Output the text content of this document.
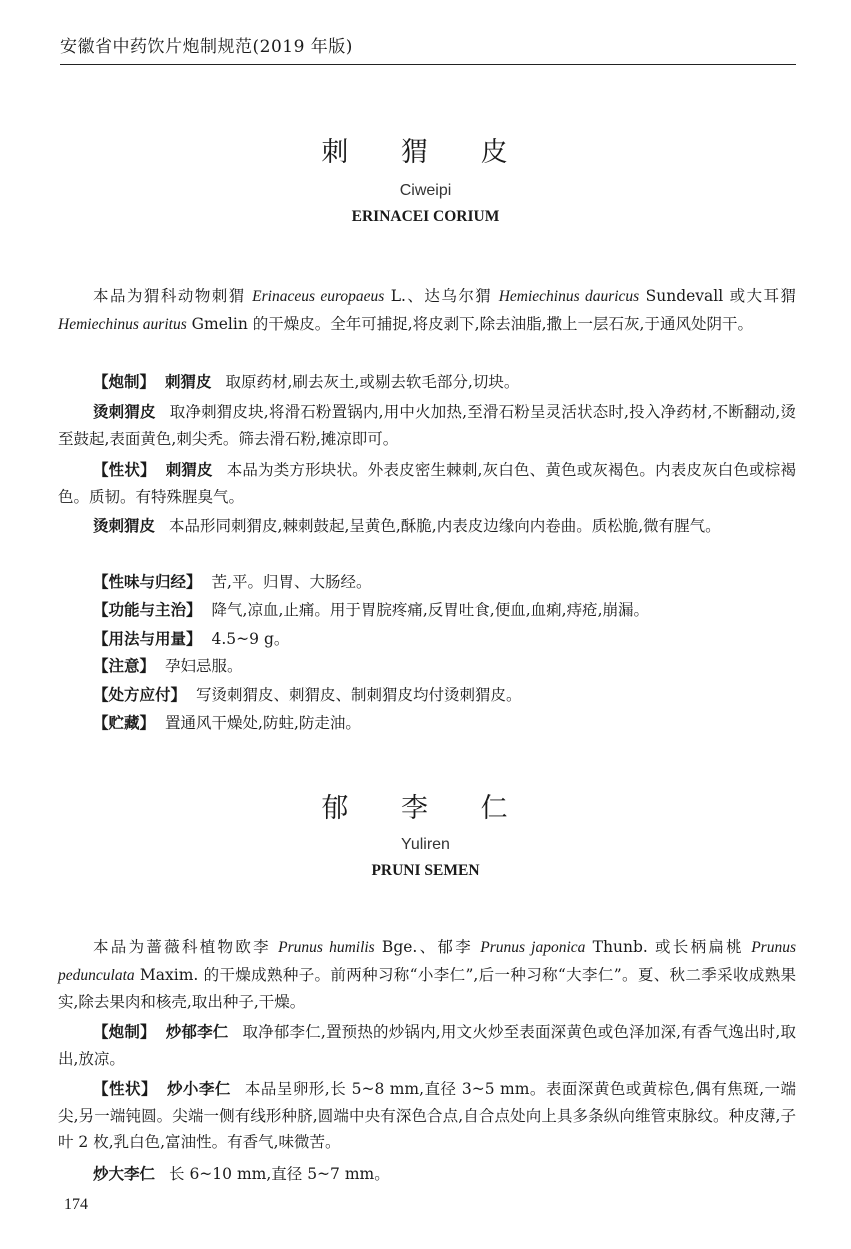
安徽省中药饮片炮制规范(2019 年版)
刺 猬 皮
Ciweipi
ERINACEI CORIUM

本品为猬科动物刺猬 Erinaceus europaeus L.、达乌尔猬 Hemiechinus dauricus Sundevall 或大耳猬 Hemiechinus auritus Gmelin 的干燥皮。全年可捕捉,将皮剥下,除去油脂,撒上一层石灰,于通风处阴干。

【炮制】 刺猬皮 取原药材,刷去灰土,或剔去软毛部分,切块。

烫刺猬皮 取净刺猬皮块,将滑石粉置锅内,用中火加热,至滑石粉呈灵活状态时,投入净药材,不断翻动,烫至鼓起,表面黄色,刺尖秃。筛去滑石粉,摊凉即可。

【性状】 刺猬皮 本品为类方形块状。外表皮密生棘刺,灰白色、黄色或灰褐色。内表皮灰白色或棕褐色。质韧。有特殊腥臭气。

烫刺猬皮 本品形同刺猬皮,棘刺鼓起,呈黄色,酥脆,内表皮边缘向内卷曲。质松脆,微有腥气。

【性味与归经】 苦,平。归胃、大肠经。

【功能与主治】 降气,凉血,止痛。用于胃脘疼痛,反胃吐食,便血,血痢,痔疮,崩漏。

【用法与用量】 4.5~9 g。

【注意】 孕妇忌服。

【处方应付】 写烫刺猬皮、刺猬皮、制刺猬皮均付烫刺猬皮。

【贮藏】 置通风干燥处,防蛀,防走油。

郁 李 仁
Yuliren
PRUNI SEMEN

本品为蔷薇科植物欧李 Prunus humilis Bge.、郁李 Prunus japonica Thunb. 或长柄扁桃 Prunus pedunculata Maxim. 的干燥成熟种子。前两种习称“小李仁”,后一种习称“大李仁”。夏、秋二季采收成熟果实,除去果肉和核壳,取出种子,干燥。

【炮制】 炒郁李仁 取净郁李仁,置预热的炒锅内,用文火炒至表面深黄色或色泽加深,有香气逸出时,取出,放凉。

【性状】 炒小李仁 本品呈卵形,长 5~8 mm,直径 3~5 mm。表面深黄色或黄棕色,偶有焦斑,一端尖,另一端钝圆。尖端一侧有线形种脐,圆端中央有深色合点,自合点处向上具多条纵向维管束脉纹。种皮薄,子叶 2 枚,乳白色,富油性。有香气,味微苦。

炒大李仁 长 6~10 mm,直径 5~7 mm。

174
